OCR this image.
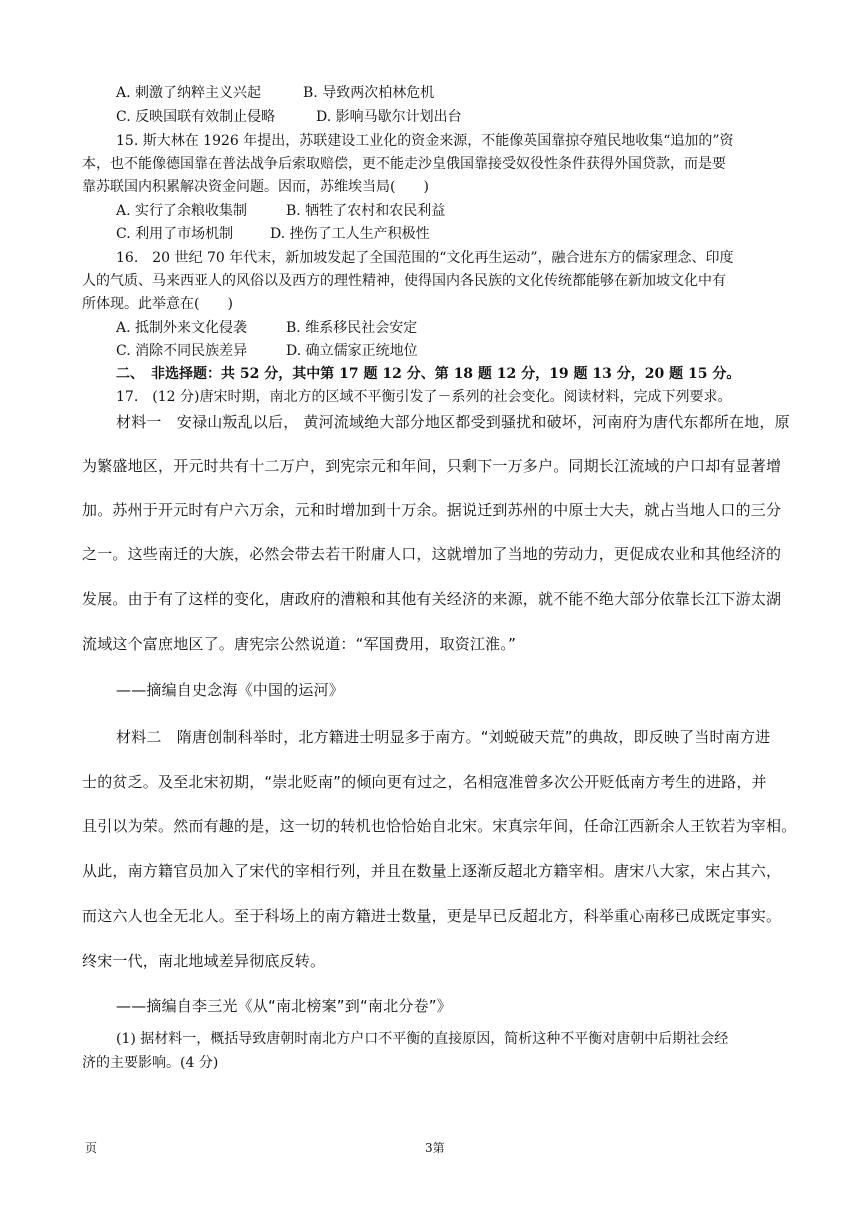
A. 刺激了纳粹主义兴起	B. 导致两次柏林危机
C. 反映国联有效制止侵略	D. 影响马歇尔计划出台
15. 斯大林在 1926 年提出，苏联建设工业化的资金来源，不能像英国靠掠夺殖民地收集“追加的”资
本，也不能像德国靠在普法战争后索取赔偿，更不能走沙皇俄国靠接受奴役性条件获得外国贷款，而是要
靠苏联国内积累解决资金问题。因而，苏维埃当局(　　)
A. 实行了余粮收集制	B. 牺牲了农村和农民利益
C. 利用了市场机制	D. 挫伤了工人生产积极性
16.　20 世纪 70 年代末，新加坡发起了全国范围的“文化再生运动”，融合进东方的儒家理念、印度
人的气质、马来西亚人的风俗以及西方的理性精神，使得国内各民族的文化传统都能够在新加坡文化中有
所体现。此举意在(　　)
A. 抵制外来文化侵袭	B. 维系移民社会安定
C. 消除不同民族差异	D. 确立儒家正统地位
二、　非选择题：共 52 分，其中第 17 题 12 分、第 18 题 12 分，19 题 13 分，20 题 15 分。
17.　(12 分)唐宋时期，南北方的区域不平衡引发了－系列的社会变化。阅读材料，完成下列要求。
材料一　安禄山叛乱以后， 黄河流域绝大部分地区都受到骚扰和破坏，河南府为唐代东都所在地，原
为繁盛地区，开元时共有十二万户，到宪宗元和年间，只剩下一万多户。同期长江流域的户口却有显著增
加。苏州于开元时有户六万余，元和时增加到十万余。据说迁到苏州的中原士大夫，就占当地人口的三分
之一。这些南迁的大族，必然会带去若干附庸人口，这就增加了当地的劳动力，更促成农业和其他经济的
发展。由于有了这样的变化，唐政府的漕粮和其他有关经济的来源，就不能不绝大部分依靠长江下游太湖
流域这个富庶地区了。唐宪宗公然说道：“军国费用，取资江淮。”
——摘编自史念海《中国的运河》
材料二　隋唐创制科举时，北方籍进士明显多于南方。“刘蜕破天荒”的典故，即反映了当时南方进
士的贫乏。及至北宋初期，“崇北贬南”的倾向更有过之，名相寇准曾多次公开贬低南方考生的进路，并
且引以为荣。然而有趣的是，这一切的转机也恰恰始自北宋。宋真宗年间，任命江西新余人王钦若为宰相。
从此，南方籍官员加入了宋代的宰相行列，并且在数量上逐渐反超北方籍宰相。唐宋八大家，宋占其六，
而这六人也全无北人。至于科场上的南方籍进士数量，更是早已反超北方，科举重心南移已成既定事实。
终宋一代，南北地域差异彻底反转。
——摘编自李三光《从“南北榜案”到“南北分卷”》
(1) 据材料一，概括导致唐朝时南北方户口不平衡的直接原因，简析这种不平衡对唐朝中后期社会经
济的主要影响。(4 分)
页	3第
